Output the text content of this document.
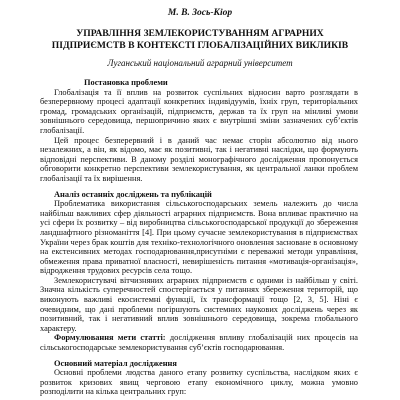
М. В. Зось-Кіор
УПРАВЛІННЯ ЗЕМЛЕКОРИСТУВАННЯМ АГРАРНИХ ПІДПРИЄМСТВ В КОНТЕКСТІ ГЛОБАЛІЗАЦІЙНИХ ВИКЛИКІВ
Луганський національний аграрний університет
Постановка проблеми

Глобалізація та її вплив на розвиток суспільних відносин варто розглядати в безперервному процесі адаптації конкретних індивідуумів, їхніх груп, територіальних громад, громадських організацій, підприємств, держав та їх груп на мінливі умови зовнішнього середовища, першопричино яких є внутрішні зміни зазначених суб’єктів глобалізації.

Цей процес безперервний і в даний час немає сторін абсолютно від нього незалежних, а він, як відомо, має як позитивні, так і негативні наслідки, що формують відповідні перспективи. В даному розділі монографічного дослідження пропонується обговорити конкретно перспективи землекористування, як центральної ланки проблем глобалізації та їх вирішення.

Аналіз останніх досліджень та публікацій

Проблематика використання сільськогосподарських земель належить до числа найбільш важливих сфер діяльності аграрних підприємств. Вона впливає практично на усі сфери їх розвитку – від виробництва сільськогосподарської продукції до збереження ландшафтного різноманіття [4]. При цьому сучасне землекористування в підприємствах України через брак коштів для техніко-технологічного оновлення засноване в основному на екстенсивних методах господарювання,присутніми є переважні методи управління, обмеження права приватної власності, невирішеність питання «мотивація-організація», відродження трудових ресурсів села тощо.

Землекористувачі вітчизняних аграрних підприємств є одними із найбільш у світі. Значна кількість суперечностей спостерігається у питаннях збереження територій, що виконують важливі екосистемні функції, їх трансформації тощо [2, 3, 5]. Ніні є очевидним, що дані проблеми погіршують системних наукових досліджень через як позитивний, так і негативний вплив зовнішнього середовища, зокрема глобального характеру.

Формулювання мети статті: дослідження впливу глобалізацій них процесів на сільськогосподарське землекористування суб’єктів господарювання.

Основний матеріал дослідження

Основні проблеми людства даного етапу розвитку суспільства, наслідком яких є розвиток кризових явищ черговою етапу економічного циклу, можна умовно розподілити на кілька центральних груп:
